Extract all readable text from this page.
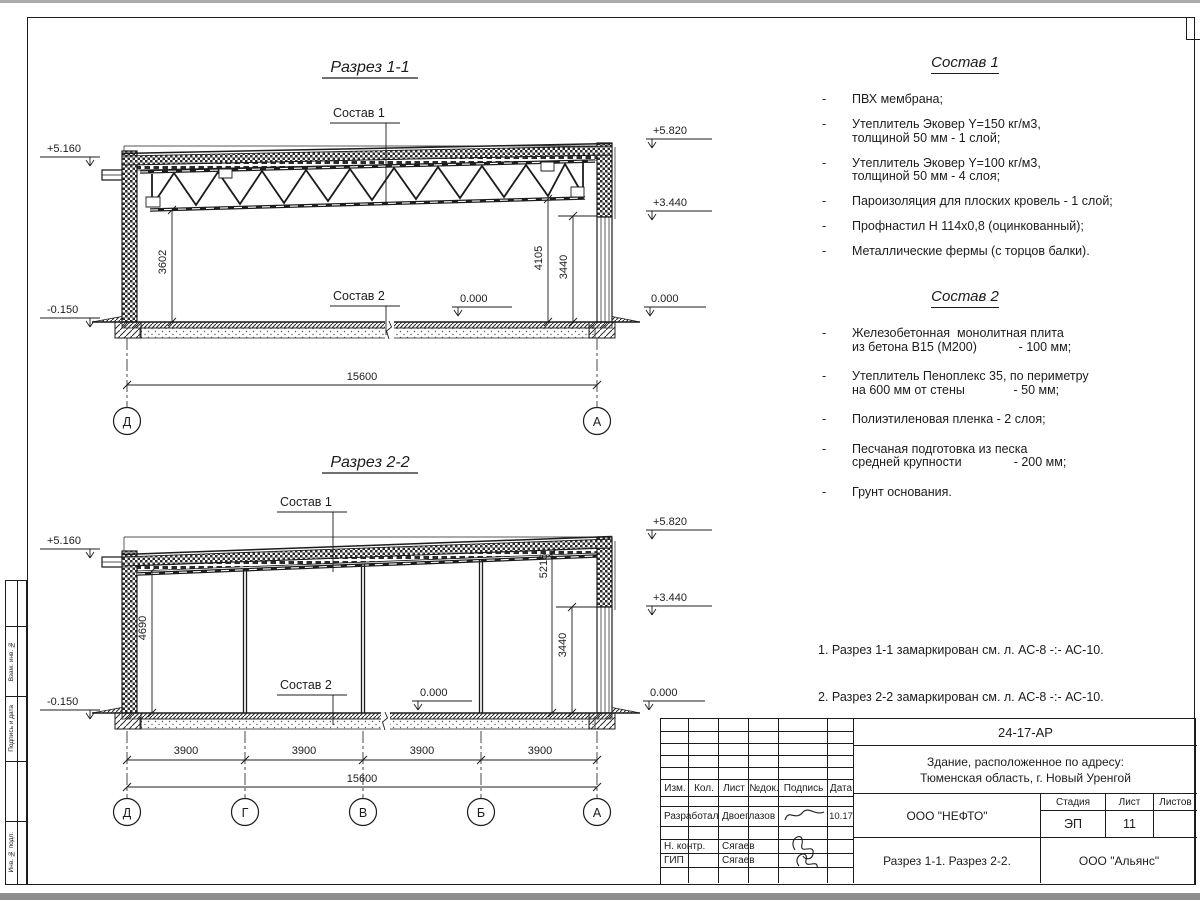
Разрез 1-1
Состав 1
Состав 2
+5.160
-0.150
+5.820
+3.440
0.000
0.000
3602	4105 3440
15600
Д	А
Разрез 2-2
Состав 1
Состав 2
+5.160
-0.150
+5.820
+3.440
0.000
0.000
4690
5216
3440
3900	3900	3900	3900
15600
Д	Г	В	Б	А
Состав 1
-	ПВХ мембрана;
-	Утеплитель Эковер Y=150 кг/м3,
толщиной 50 мм - 1 слой;
-	Утеплитель Эковер Y=100 кг/м3,
толщиной 50 мм - 4 слоя;
-	Пароизоляция для плоских кровель - 1 слой;
-	Профнастил Н 114х0,8 (оцинкованный);
-	Металлические фермы (с торцов балки).
Состав 2
-	Железобетонная  монолитная плита
из бетона В15 (М200)            - 100 мм;
-	Утеплитель Пеноплекс 35, по периметру
на 600 мм от стены              - 50 мм;
-	Полиэтиленовая пленка - 2 слоя;
-	Песчаная подготовка из песка
средней крупности               - 200 мм;
-	Грунт основания.

1. Разрез 1-1 замаркирован см. л. АС-8 -:- АС-10.

2. Разрез 2-2 замаркирован см. л. АС-8 -:- АС-10.

Взам. инв. №
Подпись и дата
Инв. № подл.
Изм. Кол. Лист №док. Подпись Дата
Разработал Двоеглазов	10.17
Н. контр.	Сягаев
ГИП	Сягаев
24-17-АР
Здание, расположенное по адресу:
Тюменская область, г. Новый Уренгой
ООО "НЕФТО"
Стадия	Лист	Листов
ЭП	11
Разрез 1-1. Разрез 2-2.	ООО "Альянс"
